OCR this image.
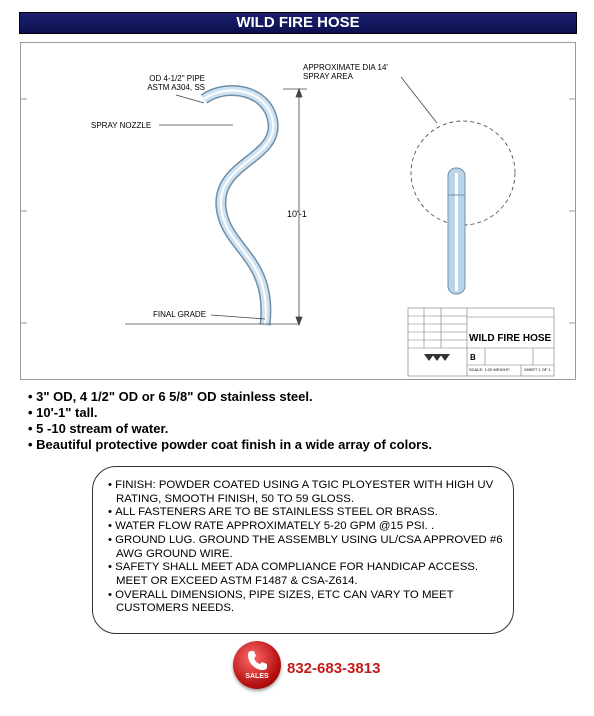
WILD FIRE HOSE
OD 4-1/2" PIPE
ASTM A304, SS
SPRAY NOZZLE
10'-1
FINAL GRADE
APPROXIMATE DIA 14'
SPRAY AREA
WILD FIRE HOSE
B
SCALE: 1:20 WEIGHT:	SHEET 1 OF 1
• 3" OD, 4 1/2" OD or 6 5/8" OD stainless steel.
• 10'-1" tall.
• 5 -10 stream of water.
• Beautiful protective powder coat finish in a wide array of colors.
• FINISH: POWDER COATED USING A TGIC PLOYESTER WITH HIGH UV RATING, SMOOTH FINISH, 50 TO 59 GLOSS.
• ALL FASTENERS ARE TO BE STAINLESS STEEL OR BRASS.
• WATER FLOW RATE APPROXIMATELY 5-20 GPM @15 PSI. .
• GROUND LUG. GROUND THE ASSEMBLY USING UL/CSA APPROVED #6 AWG GROUND WIRE.
• SAFETY SHALL MEET ADA COMPLIANCE FOR HANDICAP ACCESS. MEET OR EXCEED ASTM F1487 & CSA-Z614.
• OVERALL DIMENSIONS, PIPE SIZES, ETC CAN VARY TO MEET CUSTOMERS NEEDS.
SALES	832-683-3813
